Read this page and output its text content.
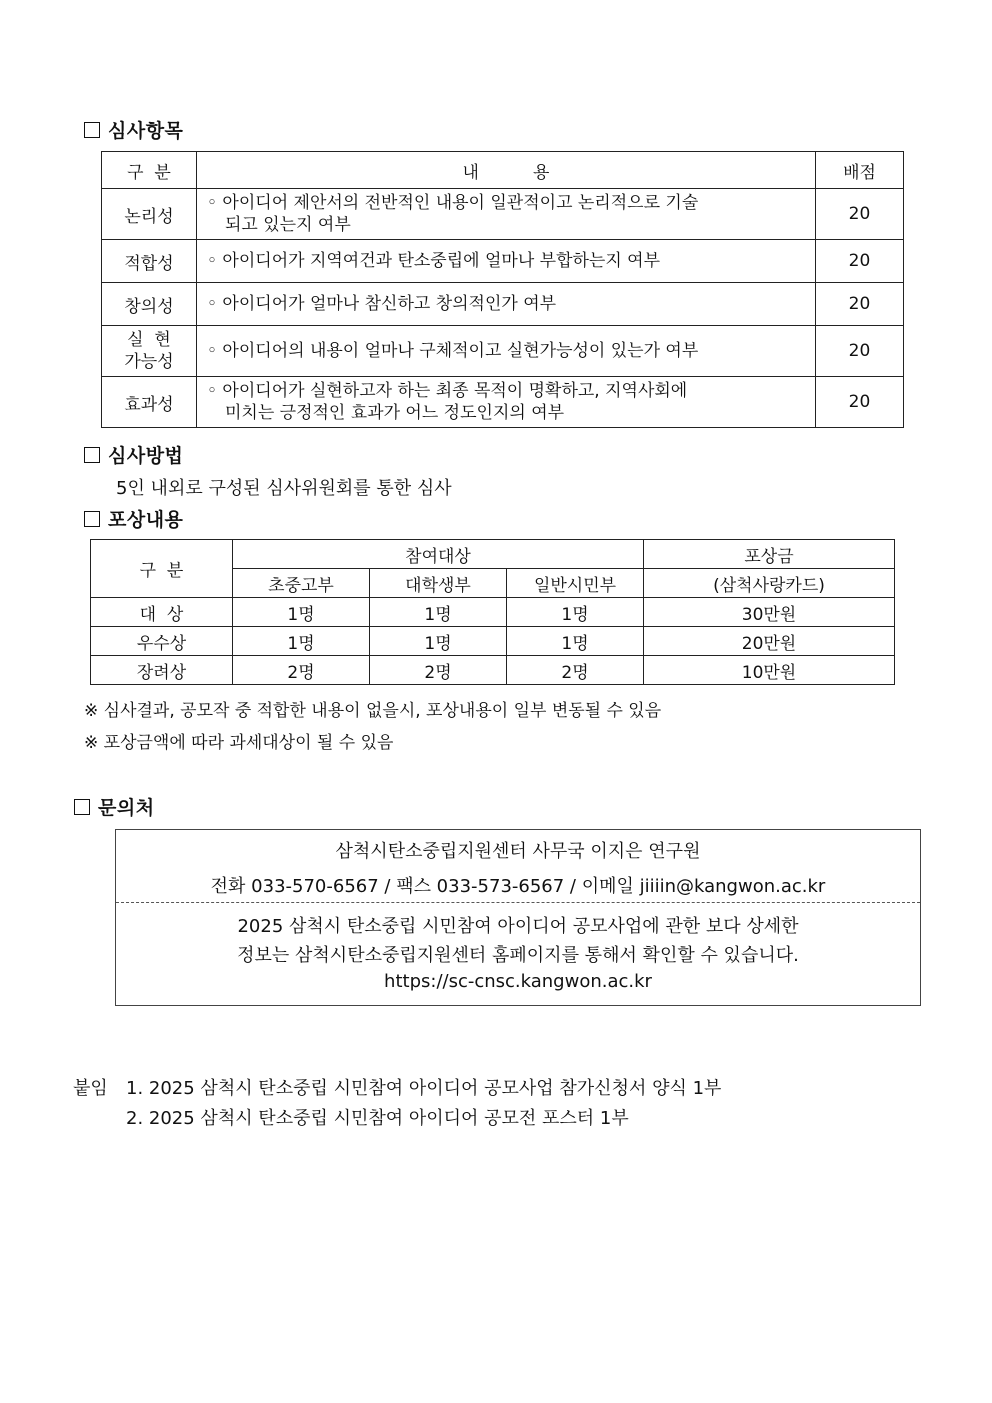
심사항목
구  분	내          용	배점
논리성	◦ 아이디어 제안서의 전반적인 내용이 일관적이고 논리적으로 기술
되고 있는지 여부	20
적합성	◦ 아이디어가 지역여건과 탄소중립에 얼마나 부합하는지 여부	20
창의성	◦ 아이디어가 얼마나 참신하고 창의적인가 여부	20

실  현
가능성	◦ 아이디어의 내용이 얼마나 구체적이고 실현가능성이 있는가 여부	20
효과성	◦ 아이디어가 실현하고자 하는 최종 목적이 명확하고, 지역사회에
미치는 긍정적인 효과가 어느 정도인지의 여부	20
심사방법
5인 내외로 구성된 심사위원회를 통한 심사
포상내용
구  분	참여대상			포상금
	초중고부	대학생부	일반시민부	(삼척사랑카드)
대  상	1명	1명	1명	30만원
우수상	1명	1명	1명	20만원
장려상	2명	2명	2명	10만원
※ 심사결과, 공모작 중 적합한 내용이 없을시, 포상내용이 일부 변동될 수 있음
※ 포상금액에 따라 과세대상이 될 수 있음
문의처
삼척시탄소중립지원센터 사무국 이지은 연구원
전화 033-570-6567 / 팩스 033-573-6567 / 이메일 jiiiin@kangwon.ac.kr
2025 삼척시 탄소중립 시민참여 아이디어 공모사업에 관한 보다 상세한
정보는 삼척시탄소중립지원센터 홈페이지를 통해서 확인할 수 있습니다.
https://sc-cnsc.kangwon.ac.kr
붙임 1. 2025 삼척시 탄소중립 시민참여 아이디어 공모사업 참가신청서 양식 1부
2. 2025 삼척시 탄소중립 시민참여 아이디어 공모전 포스터 1부
